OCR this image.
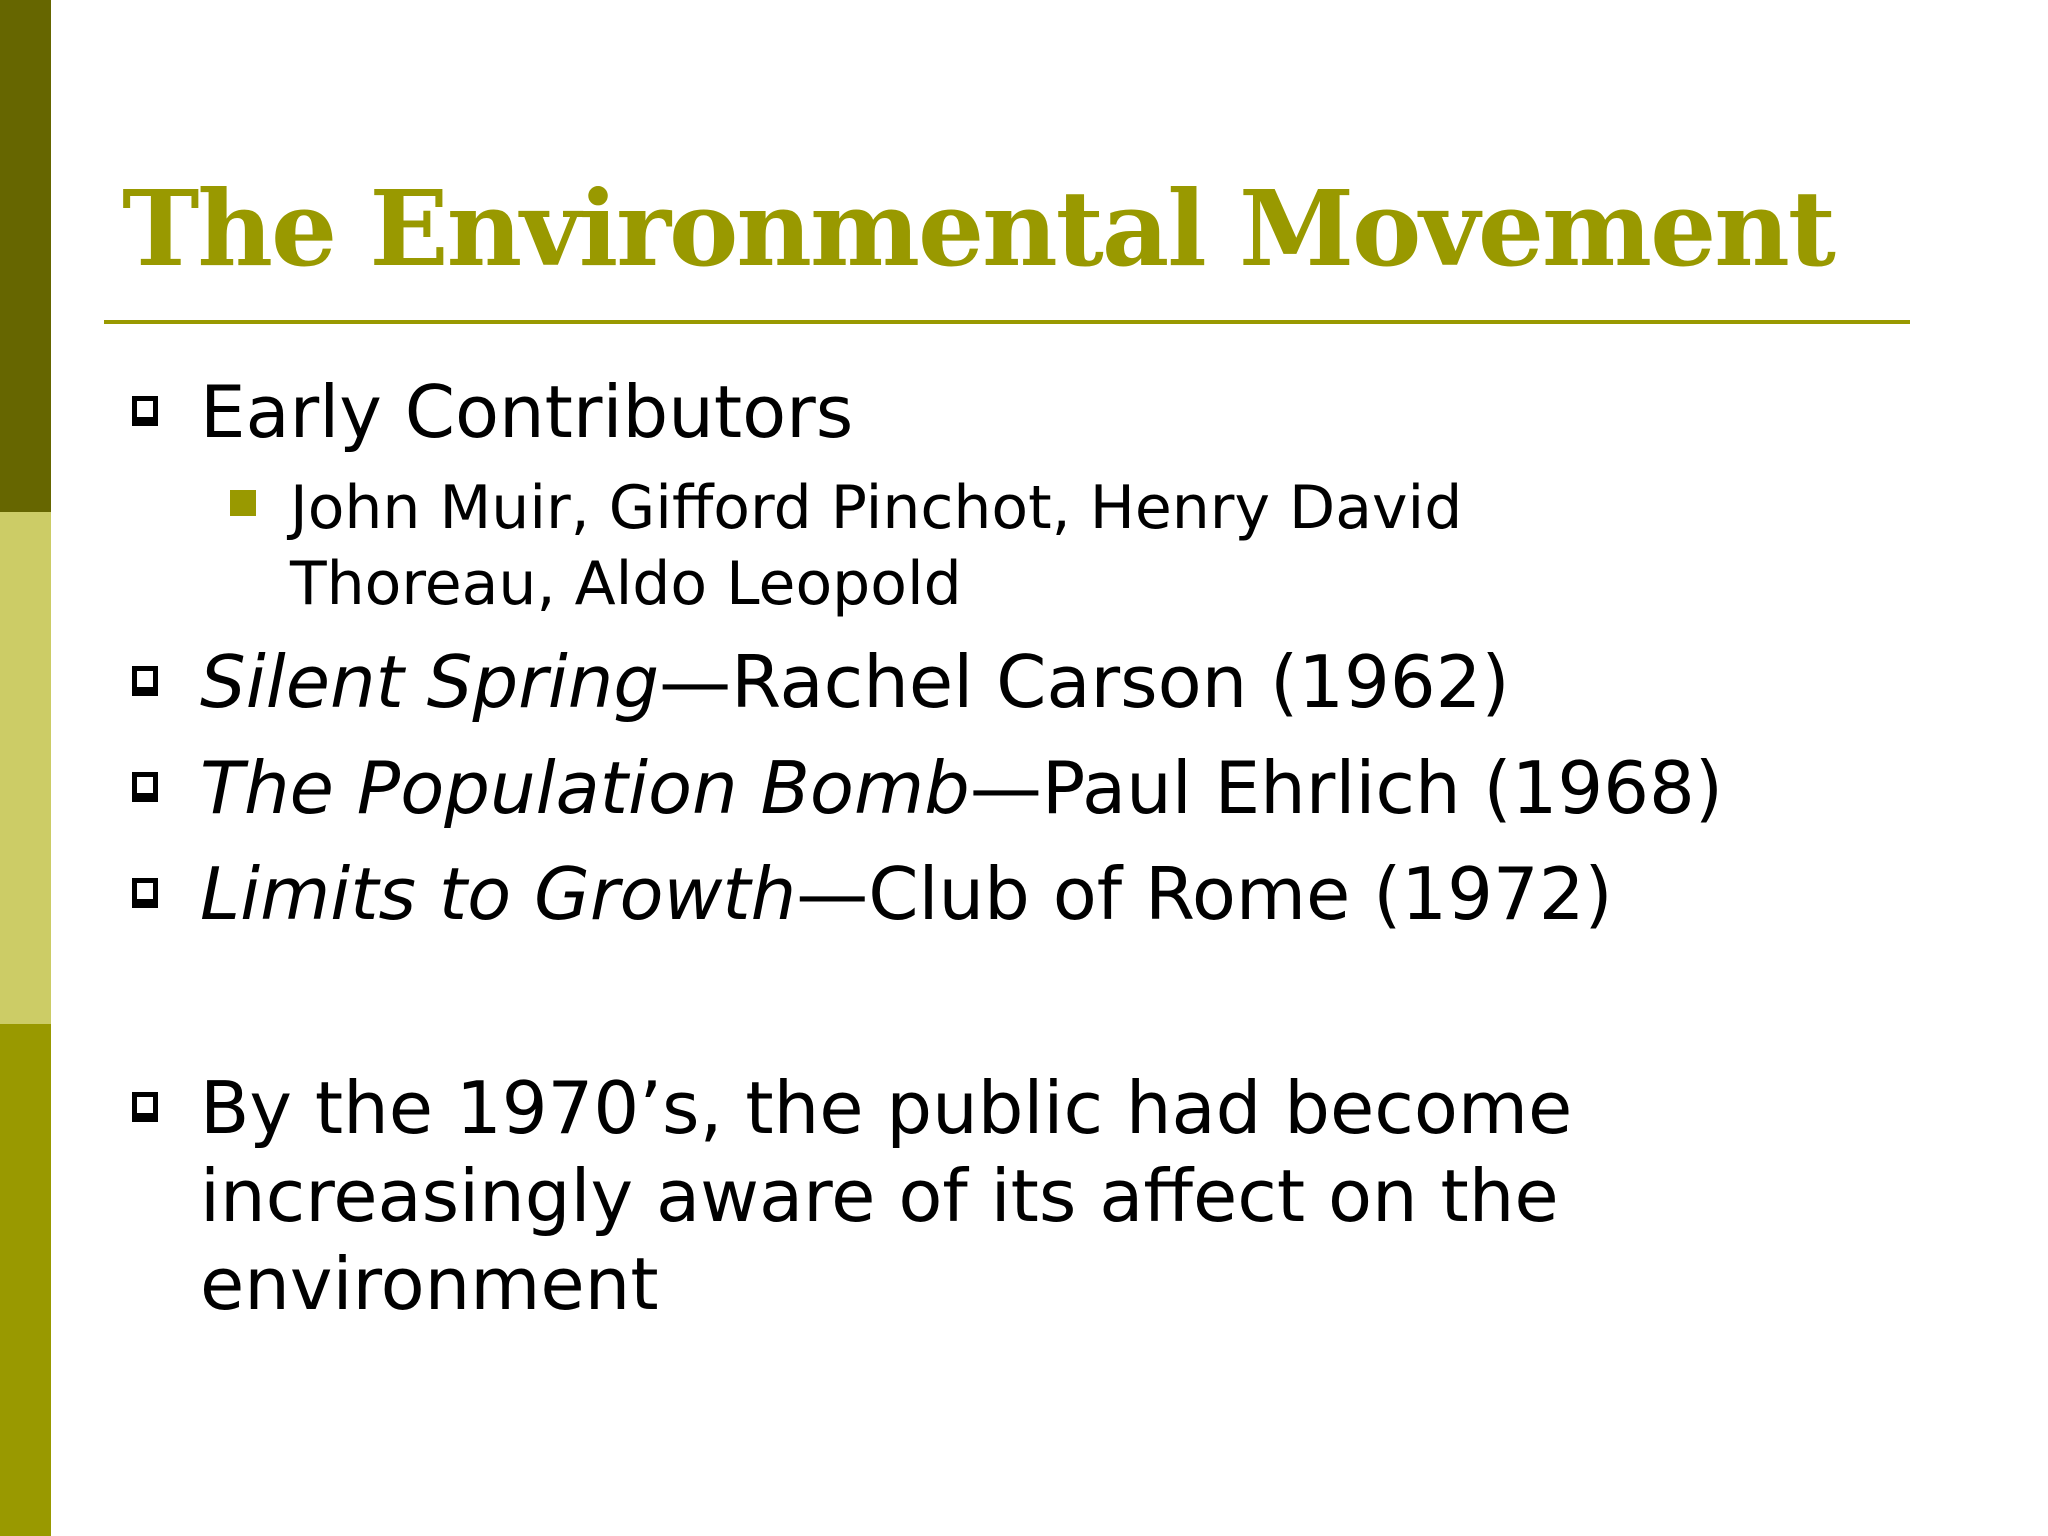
The Environmental Movement

Early Contributors

John Muir, Gifford Pinchot, Henry David
Thoreau, Aldo Leopold

Silent Spring—Rachel Carson (1962)

The Population Bomb—Paul Ehrlich (1968)

Limits to Growth—Club of Rome (1972)

By the 1970’s, the public had become
increasingly aware of its affect on the
environment
